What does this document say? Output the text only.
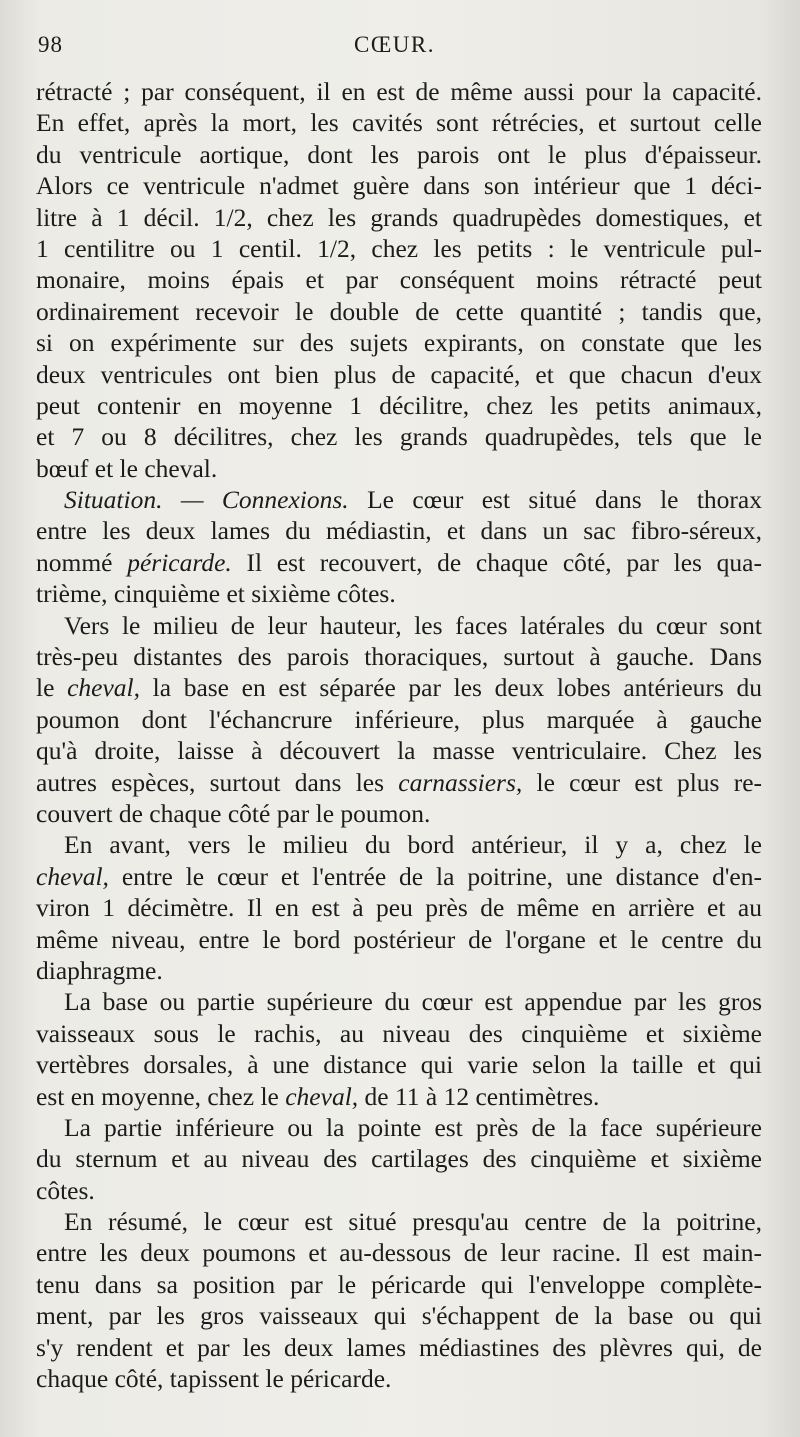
98	CŒUR.
rétracté ; par conséquent, il en est de même aussi pour la capacité.
En effet, après la mort, les cavités sont rétrécies, et surtout celle
du ventricule aortique, dont les parois ont le plus d'épaisseur.
Alors ce ventricule n'admet guère dans son intérieur que 1 déci-
litre à 1 décil. 1/2, chez les grands quadrupèdes domestiques, et
1 centilitre ou 1 centil. 1/2, chez les petits : le ventricule pul-
monaire, moins épais et par conséquent moins rétracté peut
ordinairement recevoir le double de cette quantité ; tandis que,
si on expérimente sur des sujets expirants, on constate que les
deux ventricules ont bien plus de capacité, et que chacun d'eux
peut contenir en moyenne 1 décilitre, chez les petits animaux,
et 7 ou 8 décilitres, chez les grands quadrupèdes, tels que le
bœuf et le cheval.
Situation. — Connexions. Le cœur est situé dans le thorax
entre les deux lames du médiastin, et dans un sac fibro-séreux,
nommé péricarde. Il est recouvert, de chaque côté, par les qua-
trième, cinquième et sixième côtes.
Vers le milieu de leur hauteur, les faces latérales du cœur sont
très-peu distantes des parois thoraciques, surtout à gauche. Dans
le cheval, la base en est séparée par les deux lobes antérieurs du
poumon dont l'échancrure inférieure, plus marquée à gauche
qu'à droite, laisse à découvert la masse ventriculaire. Chez les
autres espèces, surtout dans les carnassiers, le cœur est plus re-
couvert de chaque côté par le poumon.
En avant, vers le milieu du bord antérieur, il y a, chez le
cheval, entre le cœur et l'entrée de la poitrine, une distance d'en-
viron 1 décimètre. Il en est à peu près de même en arrière et au
même niveau, entre le bord postérieur de l'organe et le centre du
diaphragme.
La base ou partie supérieure du cœur est appendue par les gros
vaisseaux sous le rachis, au niveau des cinquième et sixième
vertèbres dorsales, à une distance qui varie selon la taille et qui
est en moyenne, chez le cheval, de 11 à 12 centimètres.
La partie inférieure ou la pointe est près de la face supérieure
du sternum et au niveau des cartilages des cinquième et sixième
côtes.
En résumé, le cœur est situé presqu'au centre de la poitrine,
entre les deux poumons et au-dessous de leur racine. Il est main-
tenu dans sa position par le péricarde qui l'enveloppe complète-
ment, par les gros vaisseaux qui s'échappent de la base ou qui
s'y rendent et par les deux lames médiastines des plèvres qui, de
chaque côté, tapissent le péricarde.
